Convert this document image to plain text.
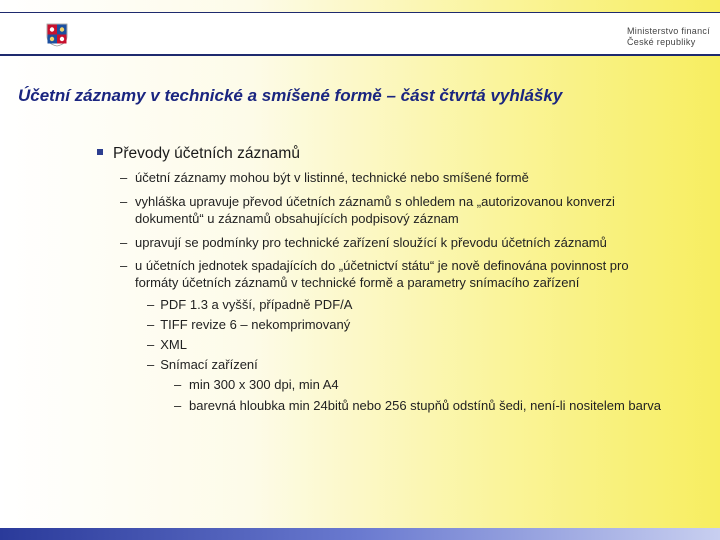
Ministerstvo financí
České republiky
Účetní záznamy v technické a smíšené formě – část čtvrtá vyhlášky
Převody účetních záznamů
– účetní záznamy mohou být v listinné, technické nebo smíšené formě
– vyhláška upravuje převod účetních záznamů s ohledem na „autorizovanou konverzi dokumentů“ u záznamů obsahujících podpisový záznam
– upravují se podmínky pro technické zařízení sloužící k převodu účetních záznamů
– u účetních jednotek spadajících do „účetnictví státu“ je nově definována povinnost pro formáty účetních záznamů v technické formě a parametry snímacího zařízení
– PDF 1.3 a vyšší, případně PDF/A
– TIFF revize 6 – nekomprimovaný
– XML
– Snímací zařízení
– min 300 x 300 dpi, min A4
– barevná hloubka min 24bitů nebo 256 stupňů odstínů šedi, není-li nositelem barva
